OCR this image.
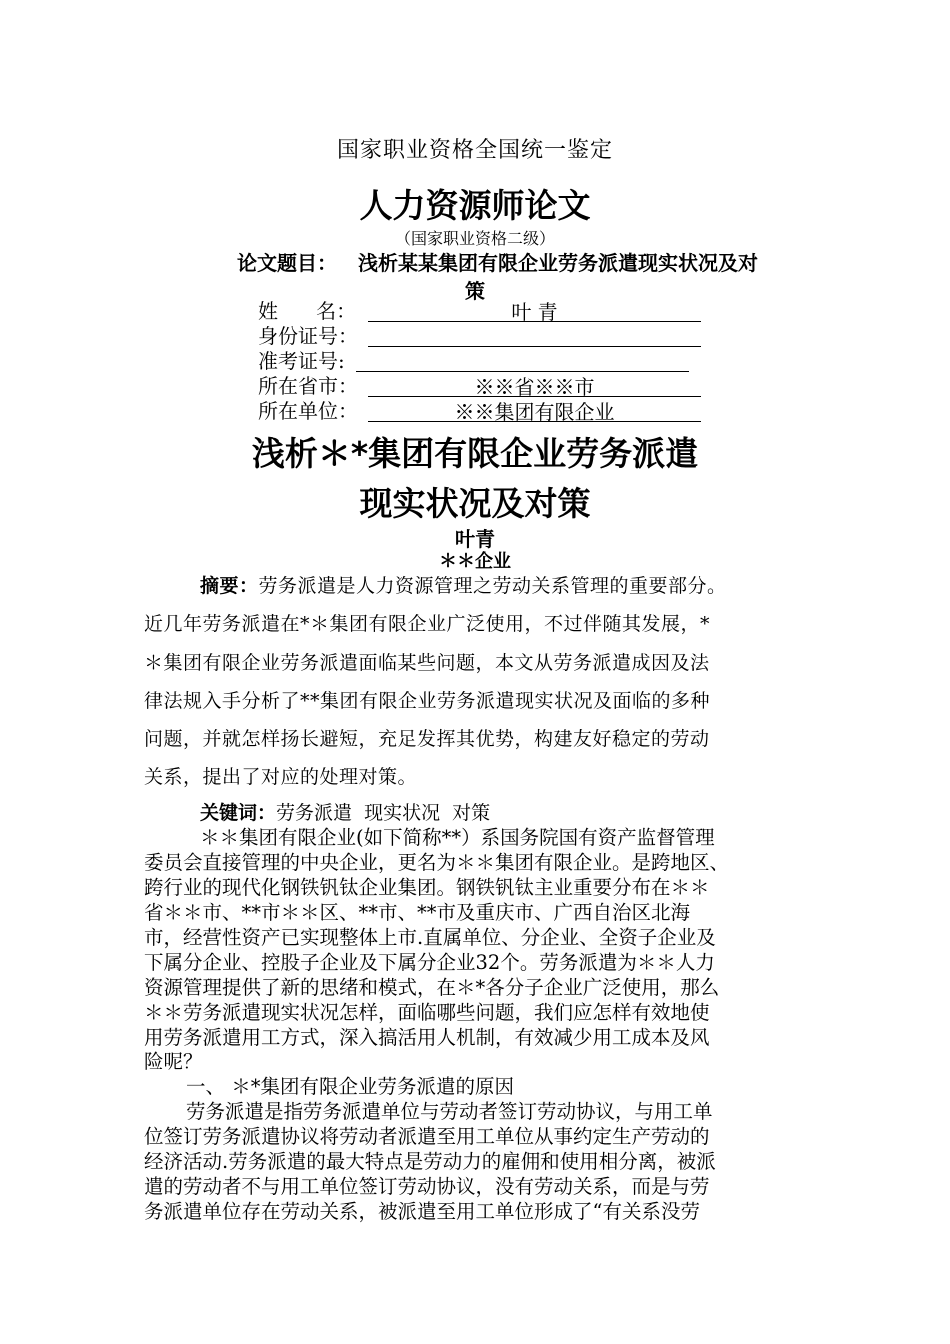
国家职业资格全国统一鉴定
人力资源师论文
（国家职业资格二级）
论文题目： 浅析某某集团有限企业劳务派遣现实状况及对
策
姓      名：	叶 青
身份证号：
准考证号:
所在省市：	※※省※※市
所在单位：	※※集团有限企业
浅析＊*集团有限企业劳务派遣
现实状况及对策
叶青
＊＊企业
摘要：劳务派遣是人力资源管理之劳动关系管理的重要部分。
近几年劳务派遣在*＊集团有限企业广泛使用，不过伴随其发展，*
＊集团有限企业劳务派遣面临某些问题，本文从劳务派遣成因及法
律法规入手分析了**集团有限企业劳务派遣现实状况及面临的多种
问题，并就怎样扬长避短，充足发挥其优势，构建友好稳定的劳动
关系，提出了对应的处理对策。
关键词：劳务派遣  现实状况  对策
＊＊集团有限企业(如下简称**）系国务院国有资产监督管理
委员会直接管理的中央企业，更名为＊＊集团有限企业。是跨地区、
跨行业的现代化钢铁钒钛企业集团。钢铁钒钛主业重要分布在＊＊
省＊＊市、**市＊＊区、**市、**市及重庆市、广西自治区北海
市，经营性资产已实现整体上市.直属单位、分企业、全资子企业及
下属分企业、控股子企业及下属分企业32个。劳务派遣为＊＊人力
资源管理提供了新的思绪和模式，在＊*各分子企业广泛使用，那么
＊＊劳务派遣现实状况怎样，面临哪些问题，我们应怎样有效地使
用劳务派遣用工方式，深入搞活用人机制，有效减少用工成本及风
险呢？
一、 ＊*集团有限企业劳务派遣的原因
劳务派遣是指劳务派遣单位与劳动者签订劳动协议，与用工单
位签订劳务派遣协议将劳动者派遣至用工单位从事约定生产劳动的
经济活动.劳务派遣的最大特点是劳动力的雇佣和使用相分离，被派
遣的劳动者不与用工单位签订劳动协议，没有劳动关系，而是与劳
务派遣单位存在劳动关系，被派遣至用工单位形成了“有关系没劳
